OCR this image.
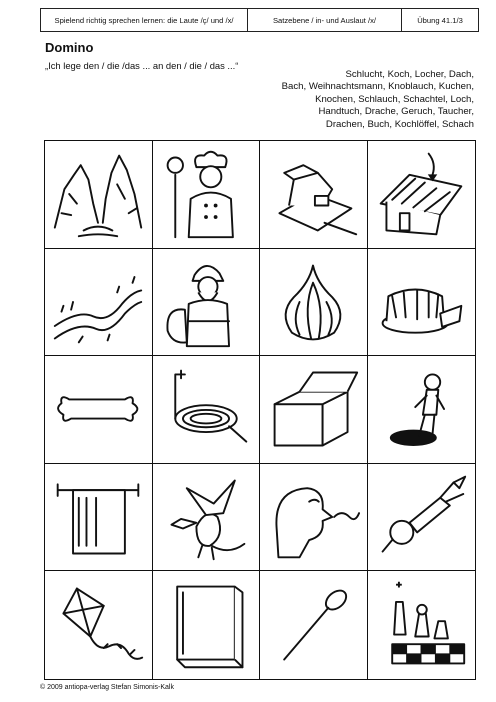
Spielend richtig sprechen lernen: die Laute /ç/ und /x/	Satzebene / in- und Auslaut /x/	Übung 41.1/3
Domino
„Ich lege den / die /das ... an den / die / das ...“
Schlucht, Koch, Locher, Dach,
Bach, Weihnachtsmann, Knoblauch, Kuchen,
Knochen, Schlauch, Schachtel, Loch,
Handtuch, Drache, Geruch, Taucher,
Drachen, Buch, Kochlöffel, Schach
© 2009 antiopa-verlag Stefan Simonis-Kalk
